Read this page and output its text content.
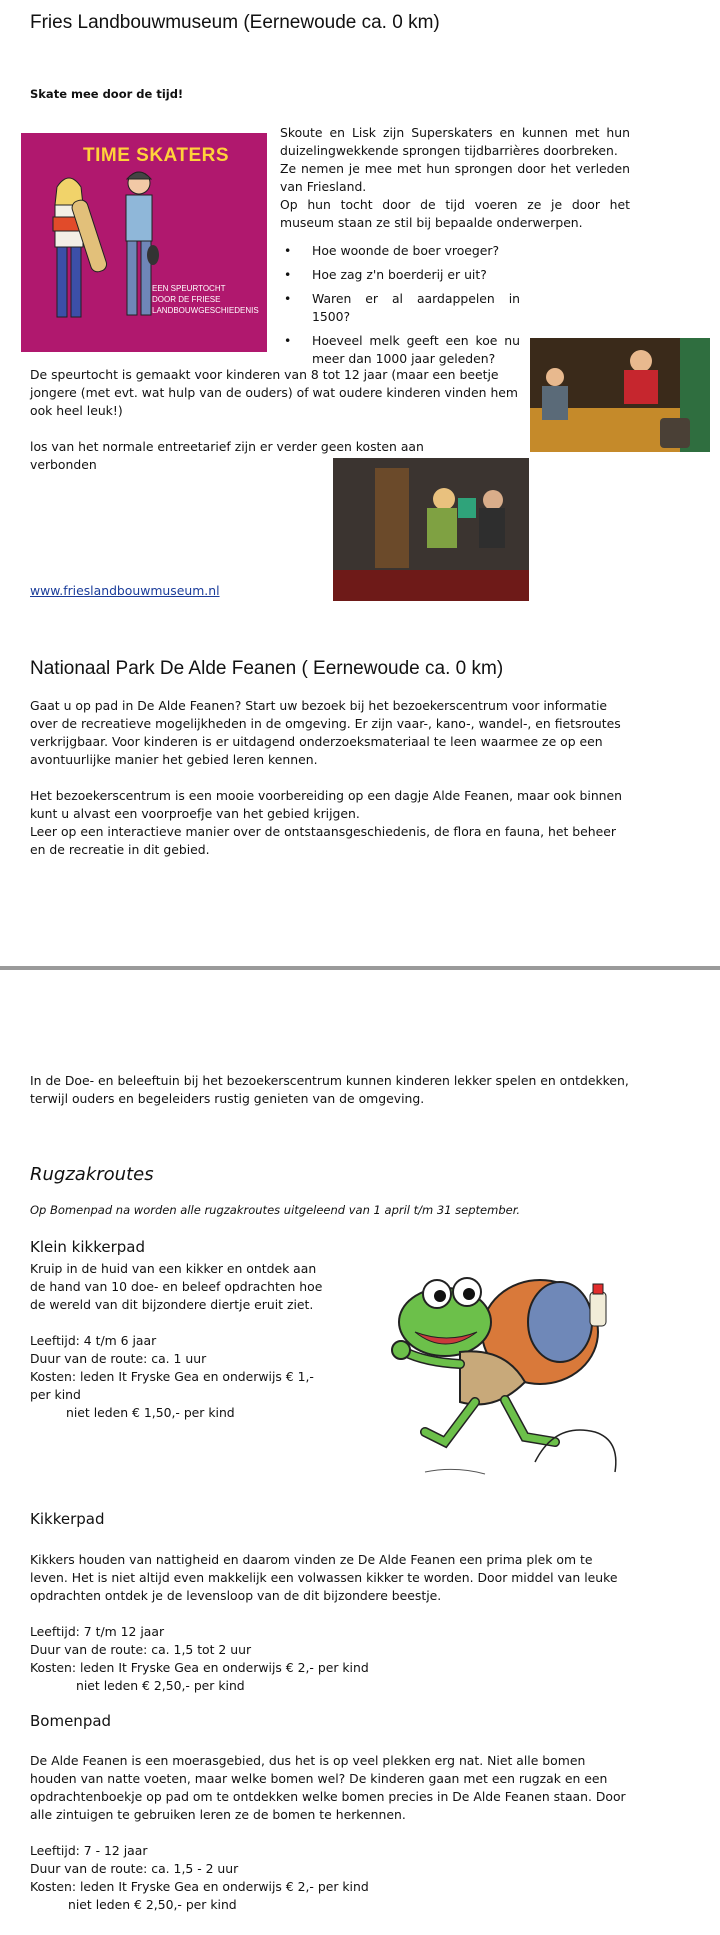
Fries Landbouwmuseum (Eernewoude ca. 0 km)
Skate mee door de tijd!
TIME SKATERS
EEN SPEURTOCHT
DOOR DE FRIESE
LANDBOUWGESCHIEDENIS

Skoute en Lisk zijn Superskaters en kunnen met hun duizelingwekkende sprongen tijdbarrières doorbreken.

Ze nemen je mee met hun sprongen door het verleden van Friesland.

Op hun tocht door de tijd voeren ze je door het museum staan ze stil bij bepaalde onderwerpen.

• Hoe woonde de boer vroeger?
• Hoe zag z'n boerderij er uit?
• Waren er al aardappelen in 1500?
• Hoeveel melk geeft een koe nu meer dan 1000 jaar geleden?
De speurtocht is gemaakt voor kinderen van 8 tot 12 jaar (maar een beetje jongere (met evt. wat hulp van de ouders) of wat oudere kinderen vinden hem ook heel leuk!)
los van het normale entreetarief zijn er verder geen kosten aan verbonden
www.frieslandbouwmuseum.nl
Nationaal Park De Alde Feanen ( Eernewoude ca. 0 km)

Gaat u op pad in De Alde Feanen? Start uw bezoek bij het bezoekerscentrum voor informatie over de recreatieve mogelijkheden in de omgeving. Er zijn vaar-, kano-, wandel-, en fietsroutes verkrijgbaar. Voor kinderen is er uitdagend onderzoeksmateriaal te leen waarmee ze op een avontuurlijke manier het gebied leren kennen.

Het bezoekerscentrum is een mooie voorbereiding op een dagje Alde Feanen, maar ook binnen kunt u alvast een voorproefje van het gebied krijgen.

Leer op een interactieve manier over de ontstaansgeschiedenis, de flora en fauna, het beheer en de recreatie in dit gebied.

In de Doe- en beleeftuin bij het bezoekerscentrum kunnen kinderen lekker spelen en ontdekken, terwijl ouders en begeleiders rustig genieten van de omgeving.
Rugzakroutes
Op Bomenpad na worden alle rugzakroutes uitgeleend van 1 april t/m 31 september.
Klein kikkerpad

Kruip in de huid van een kikker en ontdek aan de hand van 10 doe- en beleef opdrachten hoe de wereld van dit bijzondere diertje eruit ziet.

Leeftijd: 4 t/m 6 jaar

Duur van de route: ca. 1 uur

Kosten: leden It Fryske Gea en onderwijs € 1,- per kind

niet leden € 1,50,- per kind

Kikkerpad

Kikkers houden van nattigheid en daarom vinden ze De Alde Feanen een prima plek om te leven. Het is niet altijd even makkelijk een volwassen kikker te worden. Door middel van leuke opdrachten ontdek je de levensloop van de dit bijzondere beestje.

Leeftijd: 7 t/m 12 jaar

Duur van de route: ca. 1,5 tot 2 uur

Kosten: leden It Fryske Gea en onderwijs € 2,- per kind

niet leden € 2,50,- per kind

Bomenpad

De Alde Feanen is een moerasgebied, dus het is op veel plekken erg nat. Niet alle bomen houden van natte voeten, maar welke bomen wel? De kinderen gaan met een rugzak en een opdrachtenboekje op pad om te ontdekken welke bomen precies in De Alde Feanen staan. Door alle zintuigen te gebruiken leren ze de bomen te herkennen.

Leeftijd: 7 - 12 jaar

Duur van de route: ca. 1,5 - 2 uur

Kosten: leden It Fryske Gea en onderwijs € 2,- per kind

niet leden € 2,50,- per kind
